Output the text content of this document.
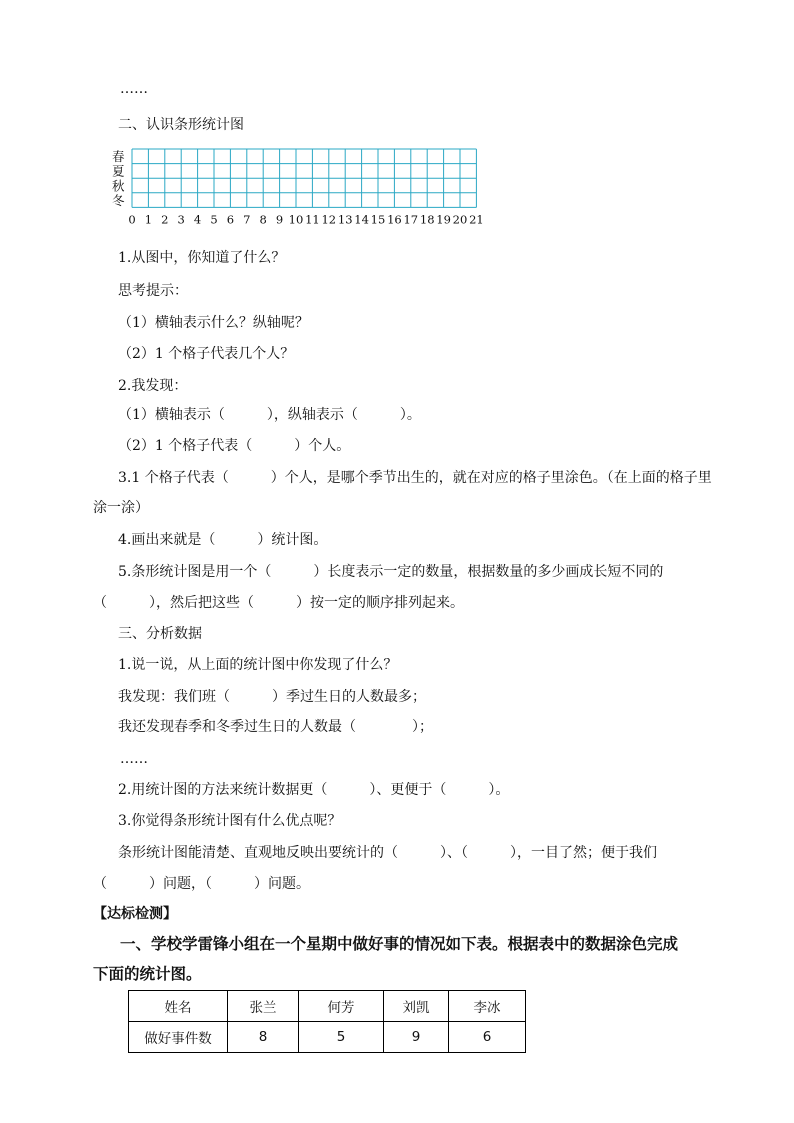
……
二、认识条形统计图
春
夏
秋
冬
0 1 2 3 4 5 6 7 8 9 10 11 12 13 14 15 16 17 18 19 20 21
1.从图中，你知道了什么？
思考提示：
（1）横轴表示什么？纵轴呢？
（2）1 个格子代表几个人？
2.我发现：
（1）横轴表示（　　　），纵轴表示（　　　）。
（2）1 个格子代表（　　　）个人。
3.1 个格子代表（　　　）个人，是哪个季节出生的，就在对应的格子里涂色。（在上面的格子里
涂一涂）
4.画出来就是（　　　）统计图。
5.条形统计图是用一个（　　　）长度表示一定的数量，根据数量的多少画成长短不同的
（　　　），然后把这些（　　　）按一定的顺序排列起来。
三、分析数据
1.说一说，从上面的统计图中你发现了什么？
我发现：我们班（　　　）季过生日的人数最多；
我还发现春季和冬季过生日的人数最（　　　　）；
……
2.用统计图的方法来统计数据更（　　　）、更便于（　　　）。
3.你觉得条形统计图有什么优点呢？
条形统计图能清楚、直观地反映出要统计的（　　　）、（　　　），一目了然；便于我们
（　　　）问题，（　　　）问题。
【达标检测】
一、学校学雷锋小组在一个星期中做好事的情况如下表。根据表中的数据涂色完成
下面的统计图。
姓名	张兰	何芳	刘凯	李冰
做好事件数	8	5	9	6
